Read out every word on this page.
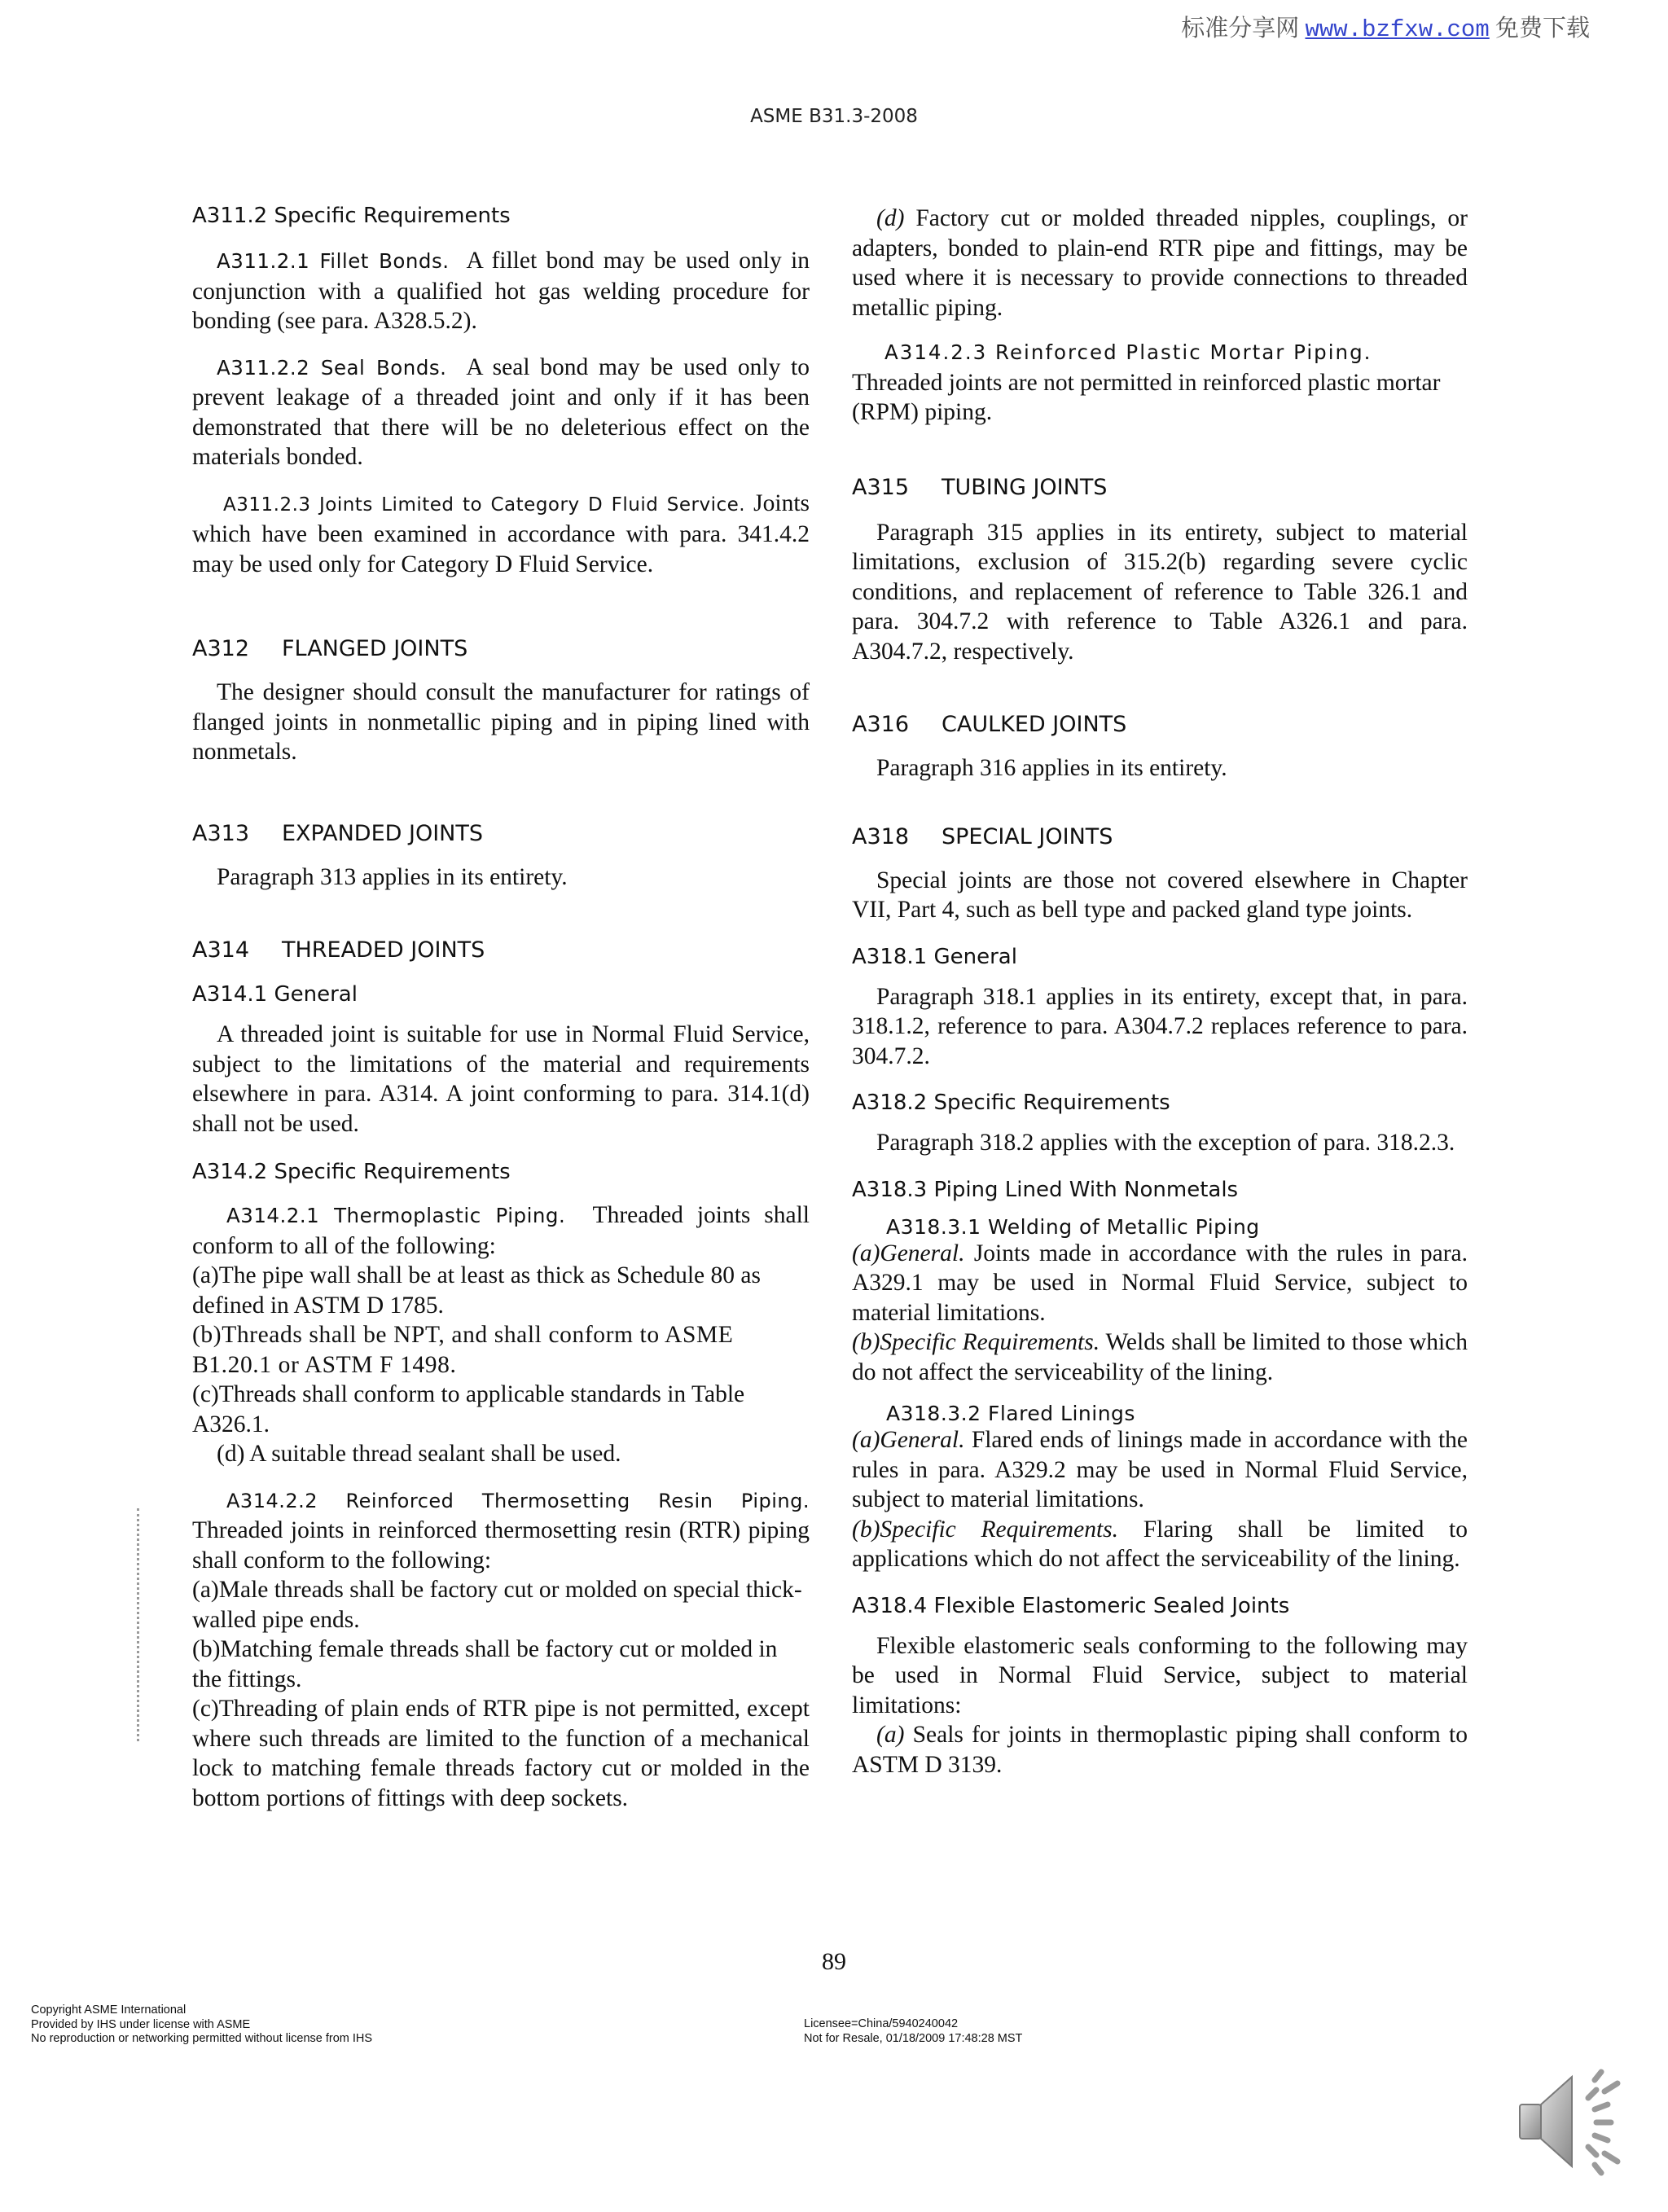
标准分享网 www.bzfxw.com 免费下载
ASME B31.3-2008

A311.2 Specific Requirements

A311.2.1 Fillet Bonds. A fillet bond may be used only in conjunction with a qualified hot gas welding procedure for bonding (see para. A328.5.2).

A311.2.2 Seal Bonds. A seal bond may be used only to prevent leakage of a threaded joint and only if it has been demonstrated that there will be no deleterious effect on the materials bonded.

A311.2.3 Joints Limited to Category D Fluid Service. Joints which have been examined in accordance with para. 341.4.2 may be used only for Category D Fluid Service.

A312 FLANGED JOINTS

The designer should consult the manufacturer for ratings of flanged joints in nonmetallic piping and in piping lined with nonmetals.

A313 EXPANDED JOINTS

Paragraph 313 applies in its entirety.

A314 THREADED JOINTS

A314.1 General

A threaded joint is suitable for use in Normal Fluid Service, subject to the limitations of the material and requirements elsewhere in para. A314. A joint conforming to para. 314.1(d) shall not be used.

A314.2 Specific Requirements

A314.2.1 Thermoplastic Piping. Threaded joints shall conform to all of the following:

(a)The pipe wall shall be at least as thick as Schedule 80 as defined in ASTM D 1785.

(b)Threads shall be NPT, and shall conform to ASME B1.20.1 or ASTM F 1498.

(c)Threads shall conform to applicable standards in Table A326.1.

(d) A suitable thread sealant shall be used.

A314.2.2 Reinforced Thermosetting Resin Piping. Threaded joints in reinforced thermosetting resin (RTR) piping shall conform to the following:

(a)Male threads shall be factory cut or molded on special thick-walled pipe ends.

(b)Matching female threads shall be factory cut or molded in the fittings.

(c)Threading of plain ends of RTR pipe is not permitted, except where such threads are limited to the function of a mechanical lock to matching female threads factory cut or molded in the bottom portions of fittings with deep sockets.

(d) Factory cut or molded threaded nipples, couplings, or adapters, bonded to plain-end RTR pipe and fittings, may be used where it is necessary to provide connections to threaded metallic piping.

A314.2.3 Reinforced Plastic Mortar Piping.
Threaded joints are not permitted in reinforced plastic mortar (RPM) piping.

A315 TUBING JOINTS

Paragraph 315 applies in its entirety, subject to material limitations, exclusion of 315.2(b) regarding severe cyclic conditions, and replacement of reference to Table 326.1 and para. 304.7.2 with reference to Table A326.1 and para. A304.7.2, respectively.

A316 CAULKED JOINTS

Paragraph 316 applies in its entirety.

A318 SPECIAL JOINTS

Special joints are those not covered elsewhere in Chapter VII, Part 4, such as bell type and packed gland type joints.

A318.1 General

Paragraph 318.1 applies in its entirety, except that, in para. 318.1.2, reference to para. A304.7.2 replaces reference to para. 304.7.2.

A318.2 Specific Requirements

Paragraph 318.2 applies with the exception of para. 318.2.3.

A318.3 Piping Lined With Nonmetals

A318.3.1 Welding of Metallic Piping

(a)General. Joints made in accordance with the rules in para. A329.1 may be used in Normal Fluid Service, subject to material limitations.

(b)Specific Requirements. Welds shall be limited to those which do not affect the serviceability of the lining.

A318.3.2 Flared Linings

(a)General. Flared ends of linings made in accordance with the rules in para. A329.2 may be used in Normal Fluid Service, subject to material limitations.

(b)Specific Requirements. Flaring shall be limited to applications which do not affect the serviceability of the lining.

A318.4 Flexible Elastomeric Sealed Joints

Flexible elastomeric seals conforming to the following may be used in Normal Fluid Service, subject to material limitations:

(a) Seals for joints in thermoplastic piping shall conform to ASTM D 3139.

89
Copyright ASME International
Provided by IHS under license with ASME
No reproduction or networking permitted without license from IHS
Licensee=China/5940240042
Not for Resale, 01/18/2009 17:48:28 MST
